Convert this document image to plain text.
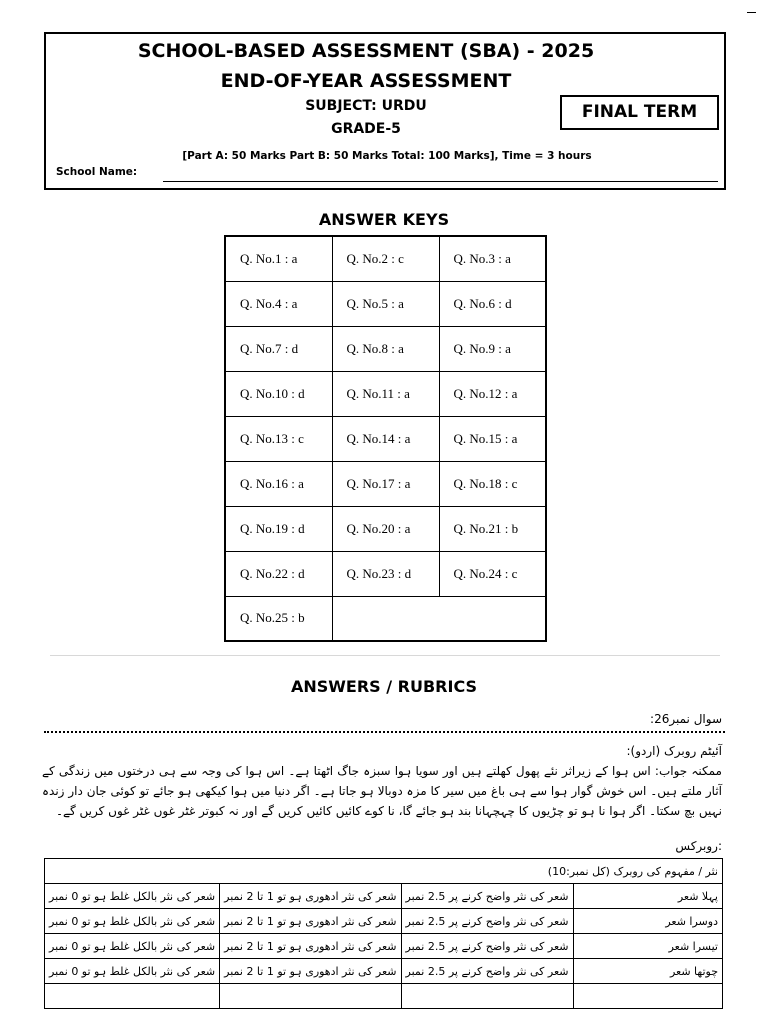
SCHOOL-BASED ASSESSMENT (SBA) - 2025
END-OF-YEAR ASSESSMENT
SUBJECT: URDU
GRADE-5
FINAL TERM
[Part A: 50 Marks Part B: 50 Marks Total: 100 Marks], Time = 3 hours
School Name:
ANSWER KEYS
Q. No.1 : a	Q. No.2 : c	Q. No.3 : a
Q. No.4 : a	Q. No.5 : a	Q. No.6 : d
Q. No.7 : d	Q. No.8 : a	Q. No.9 : a
Q. No.10 : d	Q. No.11 : a	Q. No.12 : a
Q. No.13 : c	Q. No.14 : a	Q. No.15 : a
Q. No.16 : a	Q. No.17 : a	Q. No.18 : c
Q. No.19 : d	Q. No.20 : a	Q. No.21 : b
Q. No.22 : d	Q. No.23 : d	Q. No.24 : c
Q. No.25 : b		
ANSWERS / RUBRICS
سوال نمبر26:
آئیٹم روبرک (اردو):
ممکنہ جواب: اس ہوا کے زیراثر نئے پھول کھلتے ہیں اور سویا ہوا سبزہ جاگ اٹھتا ہے۔ اس ہوا کی وجہ سے ہی درختوں میں زندگی کے آثار ملتے ہیں۔ اس خوش گوار ہوا سے ہی باغ میں سیر کا مزہ دوبالا ہو جاتا ہے۔ اگر دنیا میں ہوا کیکھی ہو جائے تو کوئی جان دار زندہ نہیں بچ سکتا۔ اگر ہوا نا ہو تو چڑیوں کا چہچہانا بند ہو جائے گا، نا کوے کائیں کائیں کریں گے اور نہ کبوتر غٹر غوں غٹر غوں کریں گے۔
:روبرکس
نثر / مفہوم کی روبرک (کل نمبر:10)			
پہلا شعر	شعر کی نثر واضح کرنے پر 2.5 نمبر	شعر کی نثر ادھوری ہو تو 1 تا 2 نمبر	شعر کی نثر بالکل غلط ہو تو 0 نمبر
دوسرا شعر	شعر کی نثر واضح کرنے پر 2.5 نمبر	شعر کی نثر ادھوری ہو تو 1 تا 2 نمبر	شعر کی نثر بالکل غلط ہو تو 0 نمبر
تیسرا شعر	شعر کی نثر واضح کرنے پر 2.5 نمبر	شعر کی نثر ادھوری ہو تو 1 تا 2 نمبر	شعر کی نثر بالکل غلط ہو تو 0 نمبر
چوتھا شعر	شعر کی نثر واضح کرنے پر 2.5 نمبر	شعر کی نثر ادھوری ہو تو 1 تا 2 نمبر	شعر کی نثر بالکل غلط ہو تو 0 نمبر
